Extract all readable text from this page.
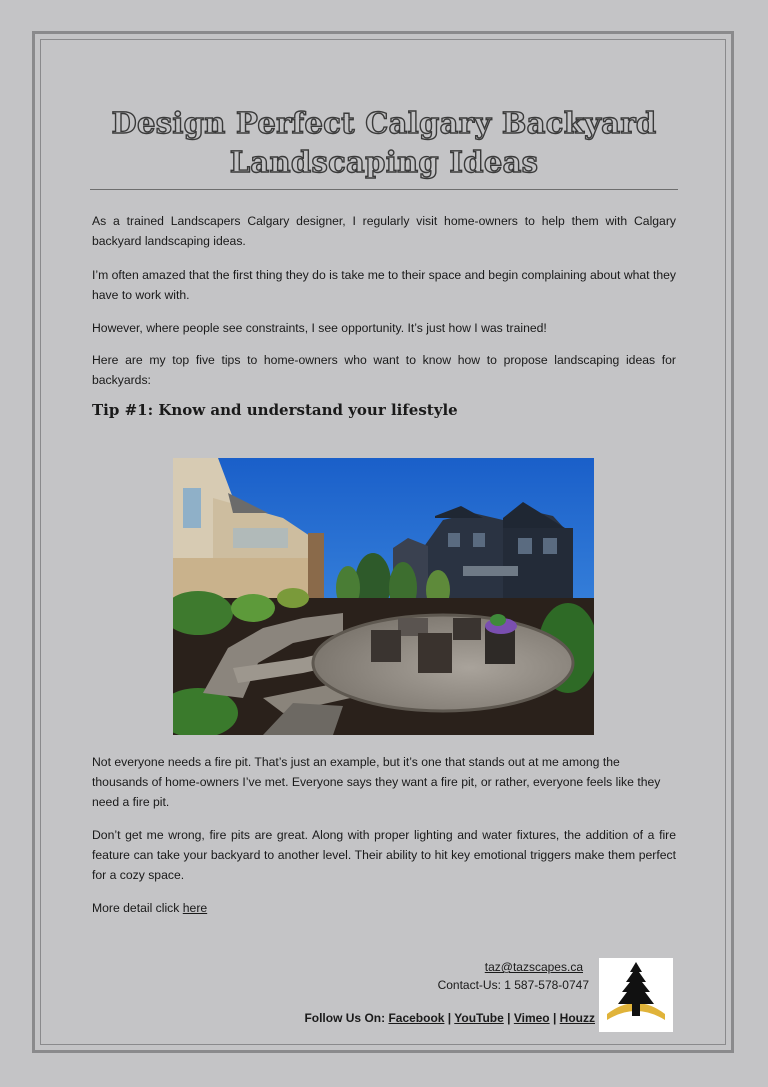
Design Perfect Calgary Backyard Landscaping Ideas

As a trained Landscapers Calgary designer, I regularly visit home-owners to help them with Calgary backyard landscaping ideas.

I’m often amazed that the first thing they do is take me to their space and begin complaining about what they have to work with.

However, where people see constraints, I see opportunity. It’s just how I was trained!

Here are my top five tips to home-owners who want to know how to propose landscaping ideas for backyards:

Tip #1: Know and understand your lifestyle

Not everyone needs a fire pit. That’s just an example, but it’s one that stands out at me among the thousands of home-owners I’ve met. Everyone says they want a fire pit, or rather, everyone feels like they need a fire pit.

Don’t get me wrong, fire pits are great. Along with proper lighting and water fixtures, the addition of a fire feature can take your backyard to another level. Their ability to hit key emotional triggers make them perfect for a cozy space.

More detail click here

taz@tazscapes.ca
Contact-Us: 1 587-578-0747
Follow Us On: Facebook | YouTube | Vimeo | Houzz
